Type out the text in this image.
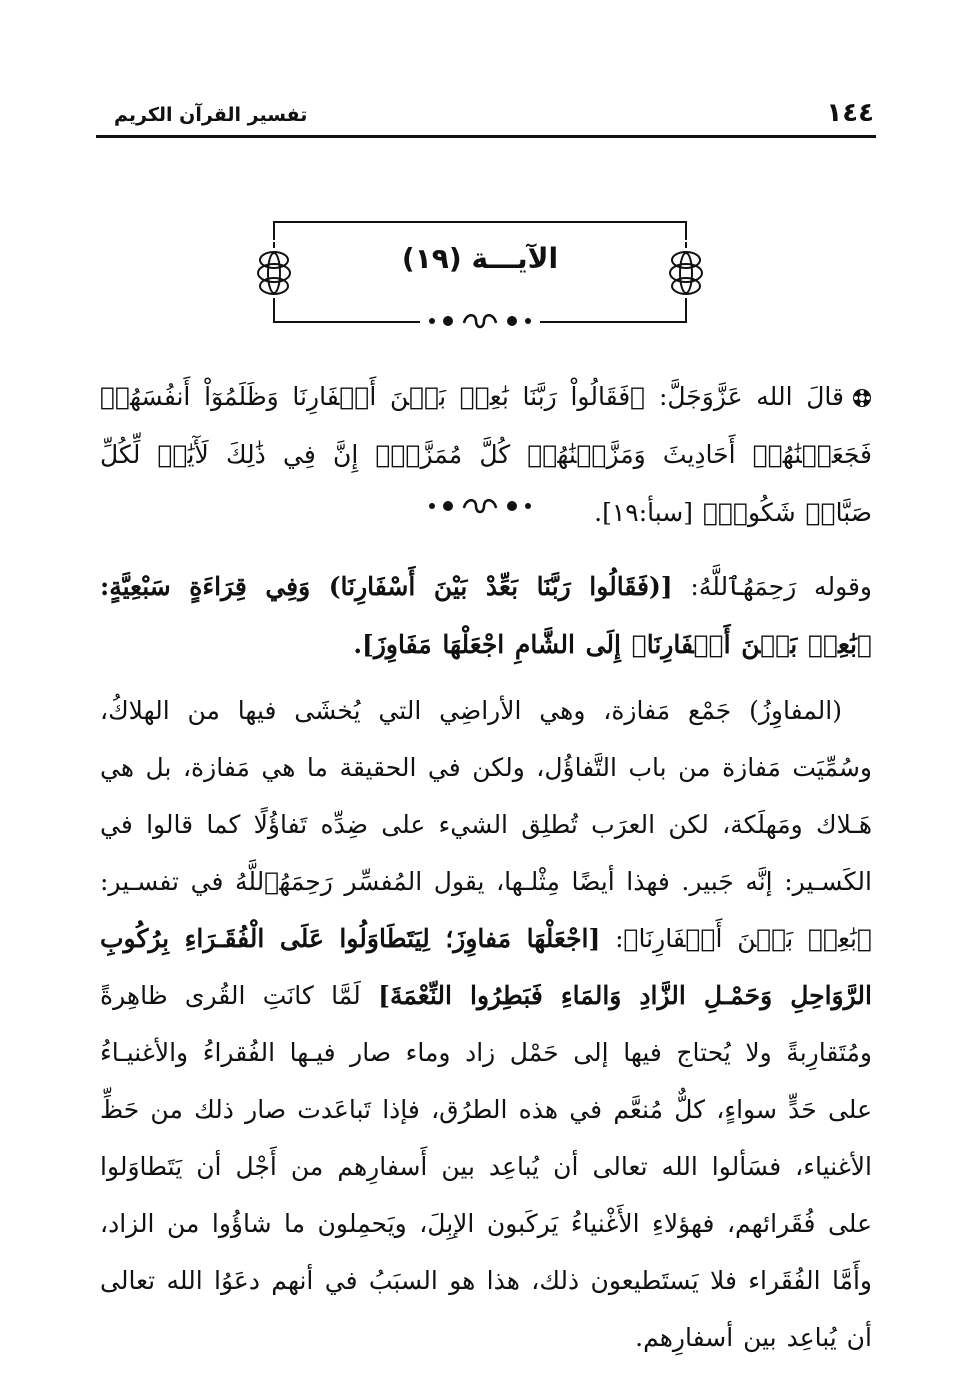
١٤٤
تفسير القرآن الكريم
الآيـــة (١٩)
قالَ الله عَزَّوَجَلَّ: ﴿فَقَالُواْ رَبَّنَا بَٰعِدۡ بَيۡنَ أَسۡفَارِنَا وَظَلَمُوٓاْ أَنفُسَهُمۡ فَجَعَلۡنَٰهُمۡ أَحَادِيثَ وَمَزَّقۡنَٰهُمۡ كُلَّ مُمَزَّقٍۚ إِنَّ فِي ذَٰلِكَ لَأٓيَٰتٖ لِّكُلِّ صَبَّارٖ شَكُورٖ﴾ [سبأ:١٩].
وقوله رَحِمَهُٱللَّهُ: [(فَقَالُوا رَبَّنَا بَعِّدْ بَيْنَ أَسْفَارِنَا) وَفِي قِرَاءَةٍ سَبْعِيَّةٍ: ﴿بَٰعِدۡ بَيۡنَ أَسۡفَارِنَا﴾ إِلَى الشَّامِ اجْعَلْهَا مَفَاوِزَ].
(المفاوِزُ) جَمْع مَفازة، وهي الأراضِي التي يُخشَى فيها من الهلاكُ، وسُمِّيَت مَفازة من باب التَّفاؤُل، ولكن في الحقيقة ما هي مَفازة، بل هي هَـلاك ومَهلَكة، لكن العرَب تُطلِق الشيء على ضِدِّه تَفاؤُلًا كما قالوا في الكَسـير: إنَّه جَبير. فهذا أيضًا مِثْلـها، يقول المُفسِّر رَحِمَهُٱللَّهُ في تفسـير: ﴿بَٰعِدۡ بَيۡنَ أَسۡفَارِنَا﴾: [اجْعَلْهَا مَفاوِزَ؛ لِيَتَطَاوَلُوا عَلَى الْفُقَـرَاءِ بِرُكُوبِ الرَّوَاحِلِ وَحَمْـلِ الزَّادِ وَالمَاءِ فَبَطِرُوا النِّعْمَةَ] لَمَّا كانَتِ القُرى ظاهِرةً ومُتَقارِبةً ولا يُحتاج فيها إلى حَمْل زاد وماء صار فيـها الفُقراءُ والأغنيـاءُ على حَدٍّ سواءٍ، كلٌّ مُنعَّم في هذه الطرُق، فإذا تَباعَدت صار ذلك من حَظِّ الأغنياء، فسَألوا الله تعالى أن يُباعِد بين أَسفارِهم من أَجْل أن يَتَطاوَلوا على فُقَرائهم، فهؤلاءِ الأَغْنياءُ يَركَبون الإبِلَ، ويَحمِلون ما شاؤُوا من الزاد، وأَمَّا الفُقَراء فلا يَستَطيعون ذلك، هذا هو السبَبُ في أنهم دعَوُا الله تعالى أن يُباعِد بين أسفارِهم.
